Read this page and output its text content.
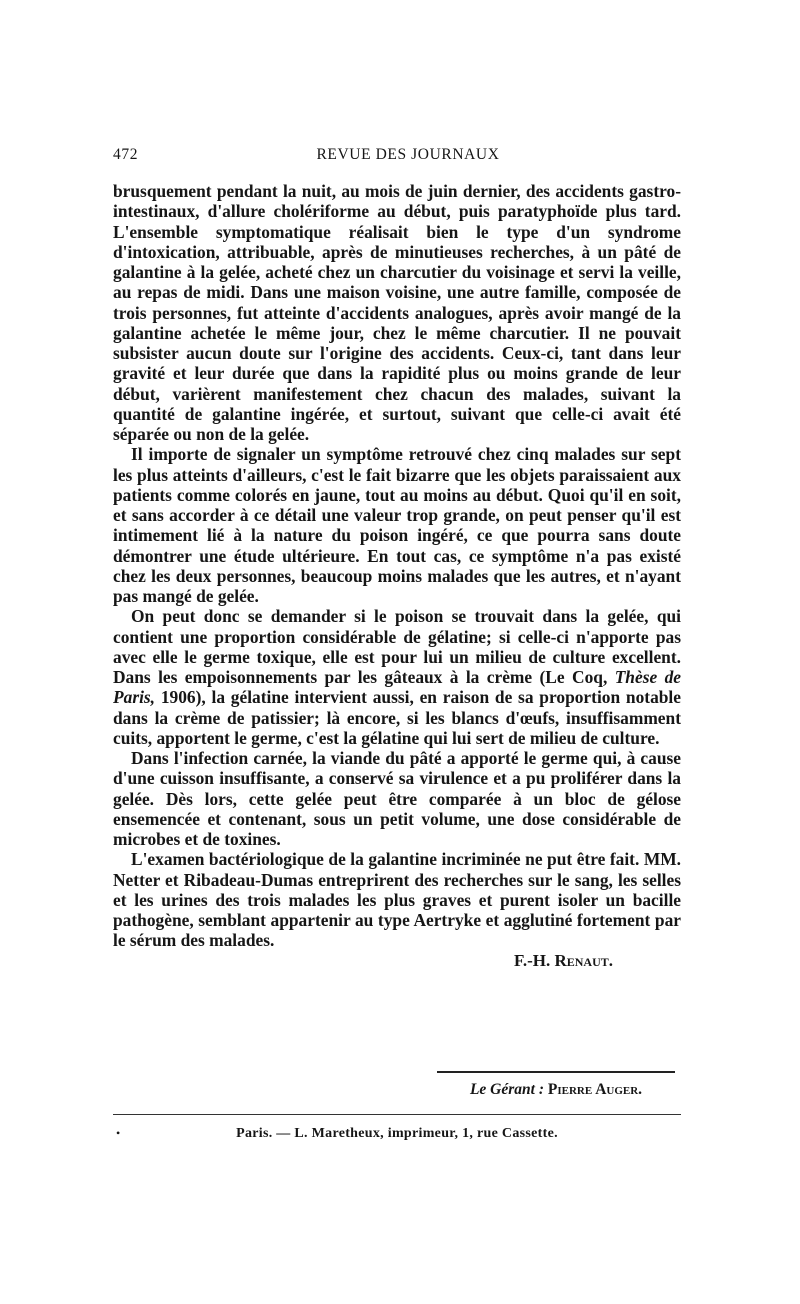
472	REVUE DES JOURNAUX

brusquement pendant la nuit, au mois de juin dernier, des accidents gastro-intestinaux, d'allure cholériforme au début, puis paratyphoïde plus tard. L'ensemble symptomatique réalisait bien le type d'un syndrome d'intoxication, attribuable, après de minutieuses recherches, à un pâté de galantine à la gelée, acheté chez un charcutier du voisinage et servi la veille, au repas de midi. Dans une maison voisine, une autre famille, composée de trois personnes, fut atteinte d'accidents analogues, après avoir mangé de la galantine achetée le même jour, chez le même charcutier. Il ne pouvait subsister aucun doute sur l'origine des accidents. Ceux-ci, tant dans leur gravité et leur durée que dans la rapidité plus ou moins grande de leur début, varièrent manifestement chez chacun des malades, suivant la quantité de galantine ingérée, et surtout, suivant que celle-ci avait été séparée ou non de la gelée.

Il importe de signaler un symptôme retrouvé chez cinq malades sur sept les plus atteints d'ailleurs, c'est le fait bizarre que les objets paraissaient aux patients comme colorés en jaune, tout au moins au début. Quoi qu'il en soit, et sans accorder à ce détail une valeur trop grande, on peut penser qu'il est intimement lié à la nature du poison ingéré, ce que pourra sans doute démontrer une étude ultérieure. En tout cas, ce symptôme n'a pas existé chez les deux personnes, beaucoup moins malades que les autres, et n'ayant pas mangé de gelée.

On peut donc se demander si le poison se trouvait dans la gelée, qui contient une proportion considérable de gélatine; si celle-ci n'apporte pas avec elle le germe toxique, elle est pour lui un milieu de culture excellent. Dans les empoisonnements par les gâteaux à la crème (Le Coq, Thèse de Paris, 1906), la gélatine intervient aussi, en raison de sa proportion notable dans la crème de patissier; là encore, si les blancs d'œufs, insuffisamment cuits, apportent le germe, c'est la gélatine qui lui sert de milieu de culture.

Dans l'infection carnée, la viande du pâté a apporté le germe qui, à cause d'une cuisson insuffisante, a conservé sa virulence et a pu proliférer dans la gelée. Dès lors, cette gelée peut être comparée à un bloc de gélose ensemencée et contenant, sous un petit volume, une dose considérable de microbes et de toxines.

L'examen bactériologique de la galantine incriminée ne put être fait. MM. Netter et Ribadeau-Dumas entreprirent des recherches sur le sang, les selles et les urines des trois malades les plus graves et purent isoler un bacille pathogène, semblant appartenir au type Aertryke et agglutiné fortement par le sérum des malades.

F.-H. Renaut.

Le Gérant : Pierre Auger.
•	Paris. — L. Maretheux, imprimeur, 1, rue Cassette.
